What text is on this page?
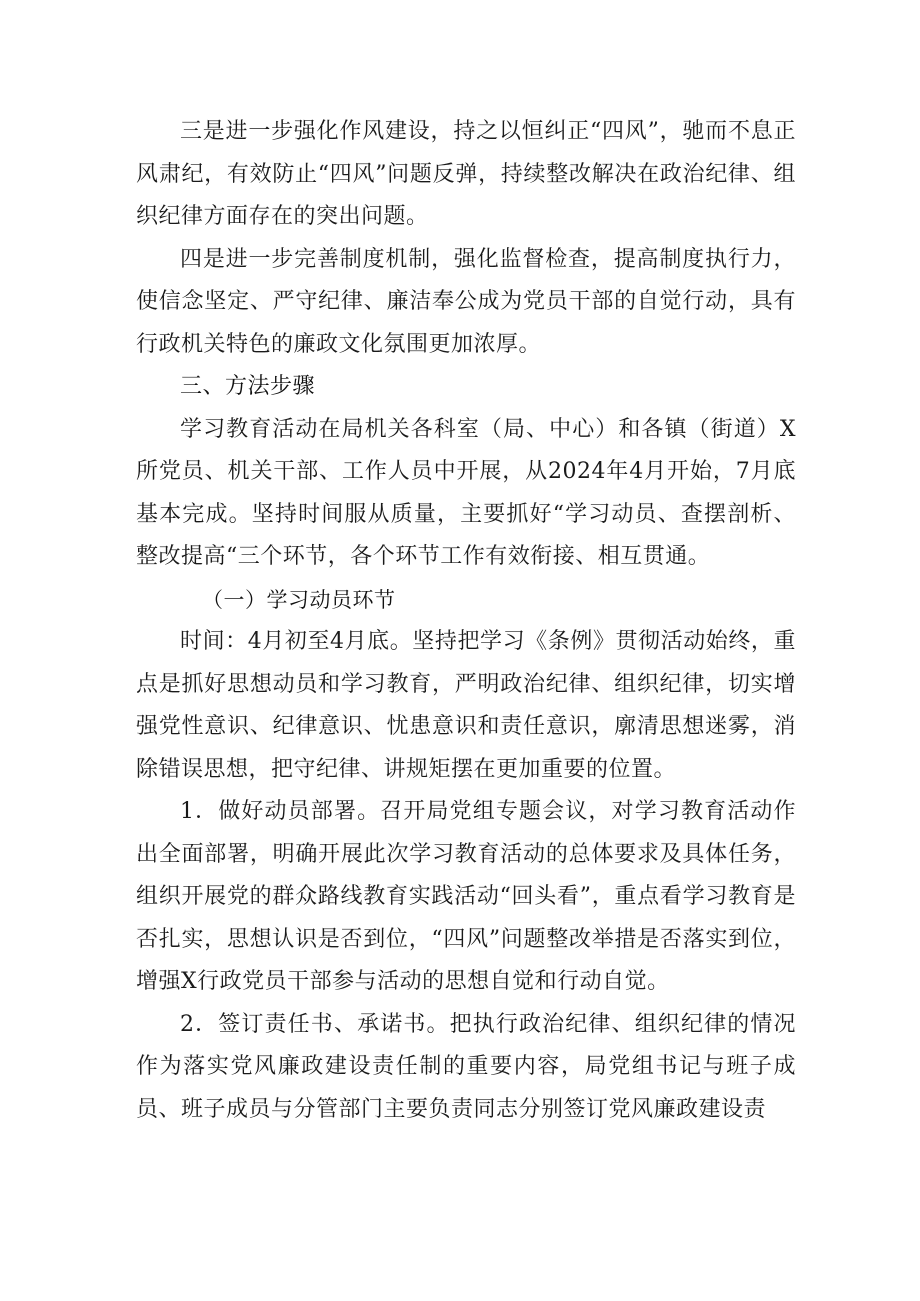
三是进一步强化作风建设，持之以恒纠正“四风”，驰而不息正风肃纪，有效防止“四风”问题反弹，持续整改解决在政治纪律、组织纪律方面存在的突出问题。

四是进一步完善制度机制，强化监督检查，提高制度执行力，使信念坚定、严守纪律、廉洁奉公成为党员干部的自觉行动，具有行政机关特色的廉政文化氛围更加浓厚。

三、方法步骤

学习教育活动在局机关各科室（局、中心）和各镇（街道）X所党员、机关干部、工作人员中开展，从2024年4月开始，7月底基本完成。坚持时间服从质量，主要抓好“学习动员、查摆剖析、整改提高“三个环节，各个环节工作有效衔接、相互贯通。

（一）学习动员环节

时间：4月初至4月底。坚持把学习《条例》贯彻活动始终，重点是抓好思想动员和学习教育，严明政治纪律、组织纪律，切实增强党性意识、纪律意识、忧患意识和责任意识，廓清思想迷雾，消除错误思想，把守纪律、讲规矩摆在更加重要的位置。

1．做好动员部署。召开局党组专题会议，对学习教育活动作出全面部署，明确开展此次学习教育活动的总体要求及具体任务，组织开展党的群众路线教育实践活动“回头看”，重点看学习教育是否扎实，思想认识是否到位，“四风”问题整改举措是否落实到位，增强X行政党员干部参与活动的思想自觉和行动自觉。

2．签订责任书、承诺书。把执行政治纪律、组织纪律的情况作为落实党风廉政建设责任制的重要内容，局党组书记与班子成员、班子成员与分管部门主要负责同志分别签订党风廉政建设责
